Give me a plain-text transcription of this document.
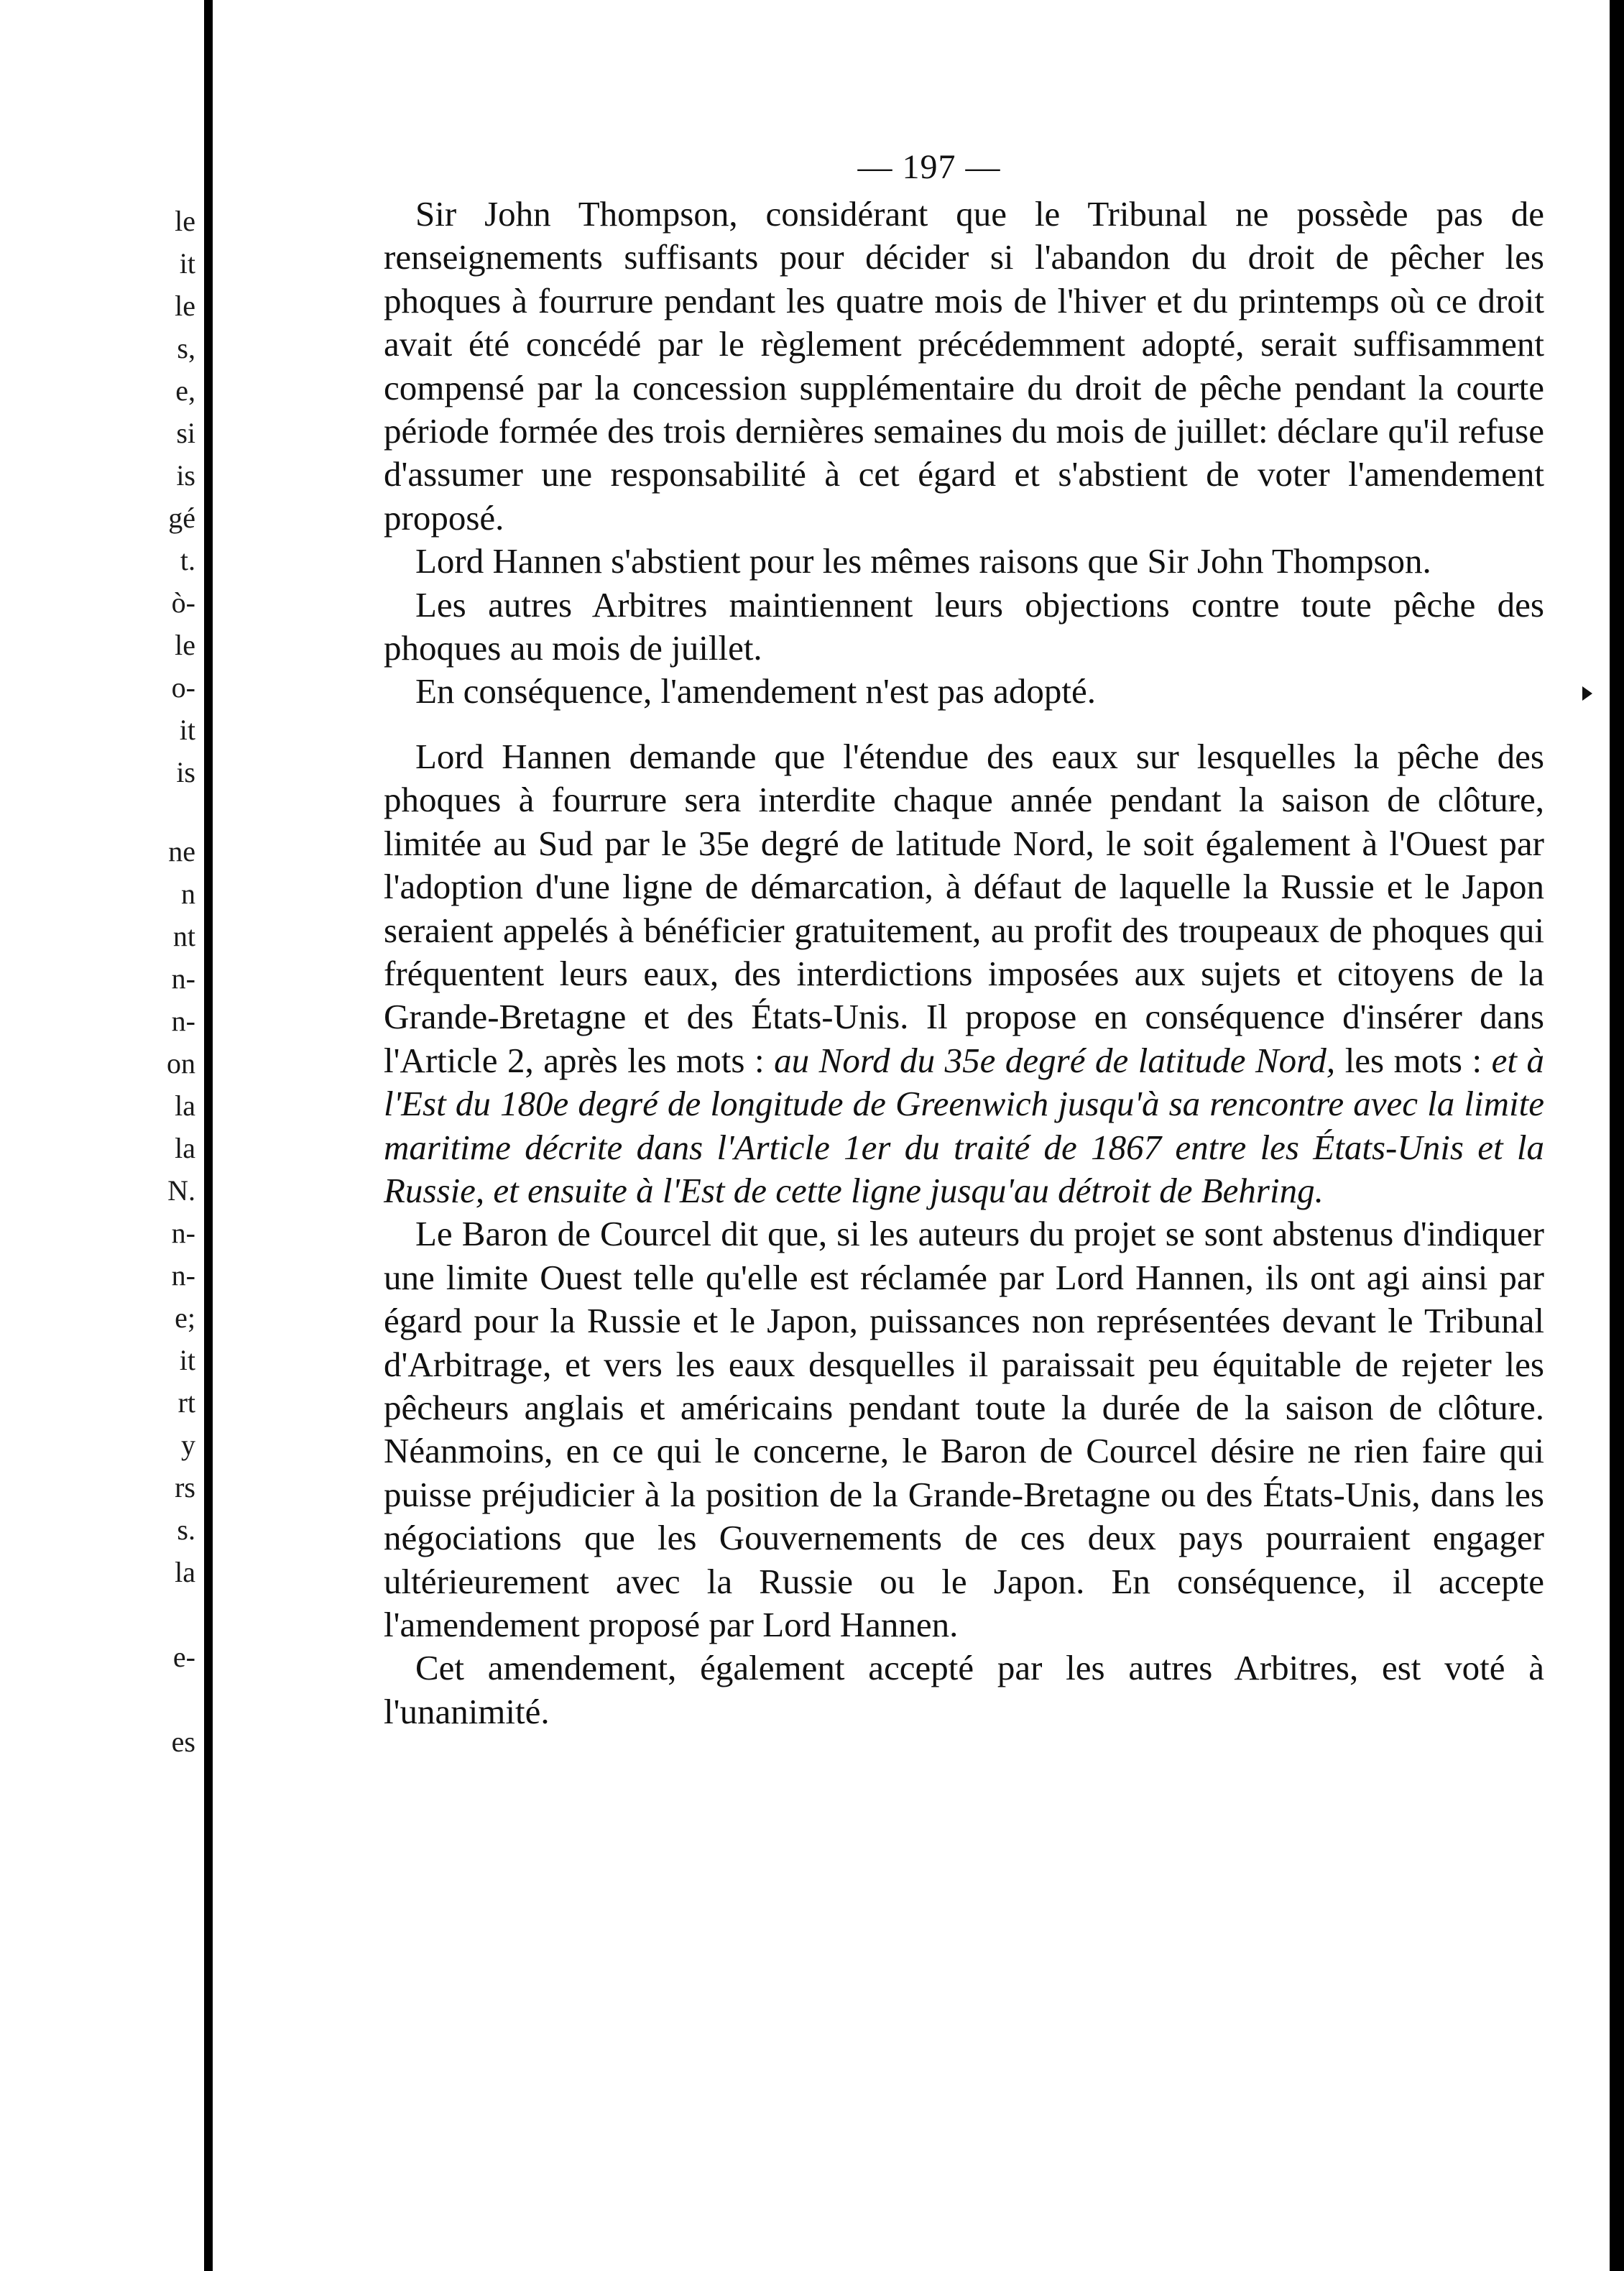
le
it
le
s,
e,
si
is
gé
t.
ò-
le
o-
it
is
ne
n
nt
n-
n-
on
la
la
N.
n-
n-
e;
it
rt
y
rs
s.
la
e-
es
— 197 —

Sir John Thompson, considérant que le Tribunal ne possède pas de renseignements suffisants pour décider si l'abandon du droit de pêcher les phoques à fourrure pendant les quatre mois de l'hiver et du printemps où ce droit avait été concédé par le règlement précédemment adopté, serait suffisamment compensé par la concession supplémentaire du droit de pêche pendant la courte période formée des trois dernières semaines du mois de juillet: déclare qu'il refuse d'assumer une responsabilité à cet égard et s'abstient de voter l'amendement proposé.

Lord Hannen s'abstient pour les mêmes raisons que Sir John Thompson.

Les autres Arbitres maintiennent leurs objections contre toute pêche des phoques au mois de juillet.

En conséquence, l'amendement n'est pas adopté.

Lord Hannen demande que l'étendue des eaux sur lesquelles la pêche des phoques à fourrure sera interdite chaque année pendant la saison de clôture, limitée au Sud par le 35e degré de latitude Nord, le soit également à l'Ouest par l'adoption d'une ligne de démarcation, à défaut de laquelle la Russie et le Japon seraient appelés à bénéficier gratuitement, au profit des troupeaux de phoques qui fréquentent leurs eaux, des interdictions imposées aux sujets et citoyens de la Grande-Bretagne et des États-Unis. Il propose en conséquence d'insérer dans l'Article 2, après les mots : au Nord du 35e degré de latitude Nord, les mots : et à l'Est du 180e degré de longitude de Greenwich jusqu'à sa rencontre avec la limite maritime décrite dans l'Article 1er du traité de 1867 entre les États-Unis et la Russie, et ensuite à l'Est de cette ligne jusqu'au détroit de Behring.

Le Baron de Courcel dit que, si les auteurs du projet se sont abstenus d'indiquer une limite Ouest telle qu'elle est réclamée par Lord Hannen, ils ont agi ainsi par égard pour la Russie et le Japon, puissances non représentées devant le Tribunal d'Arbitrage, et vers les eaux desquelles il paraissait peu équitable de rejeter les pêcheurs anglais et américains pendant toute la durée de la saison de clôture. Néanmoins, en ce qui le concerne, le Baron de Courcel désire ne rien faire qui puisse préjudicier à la position de la Grande-Bretagne ou des États-Unis, dans les négociations que les Gouvernements de ces deux pays pourraient engager ultérieurement avec la Russie ou le Japon. En conséquence, il accepte l'amendement proposé par Lord Hannen.

Cet amendement, également accepté par les autres Arbitres, est voté à l'unanimité.
